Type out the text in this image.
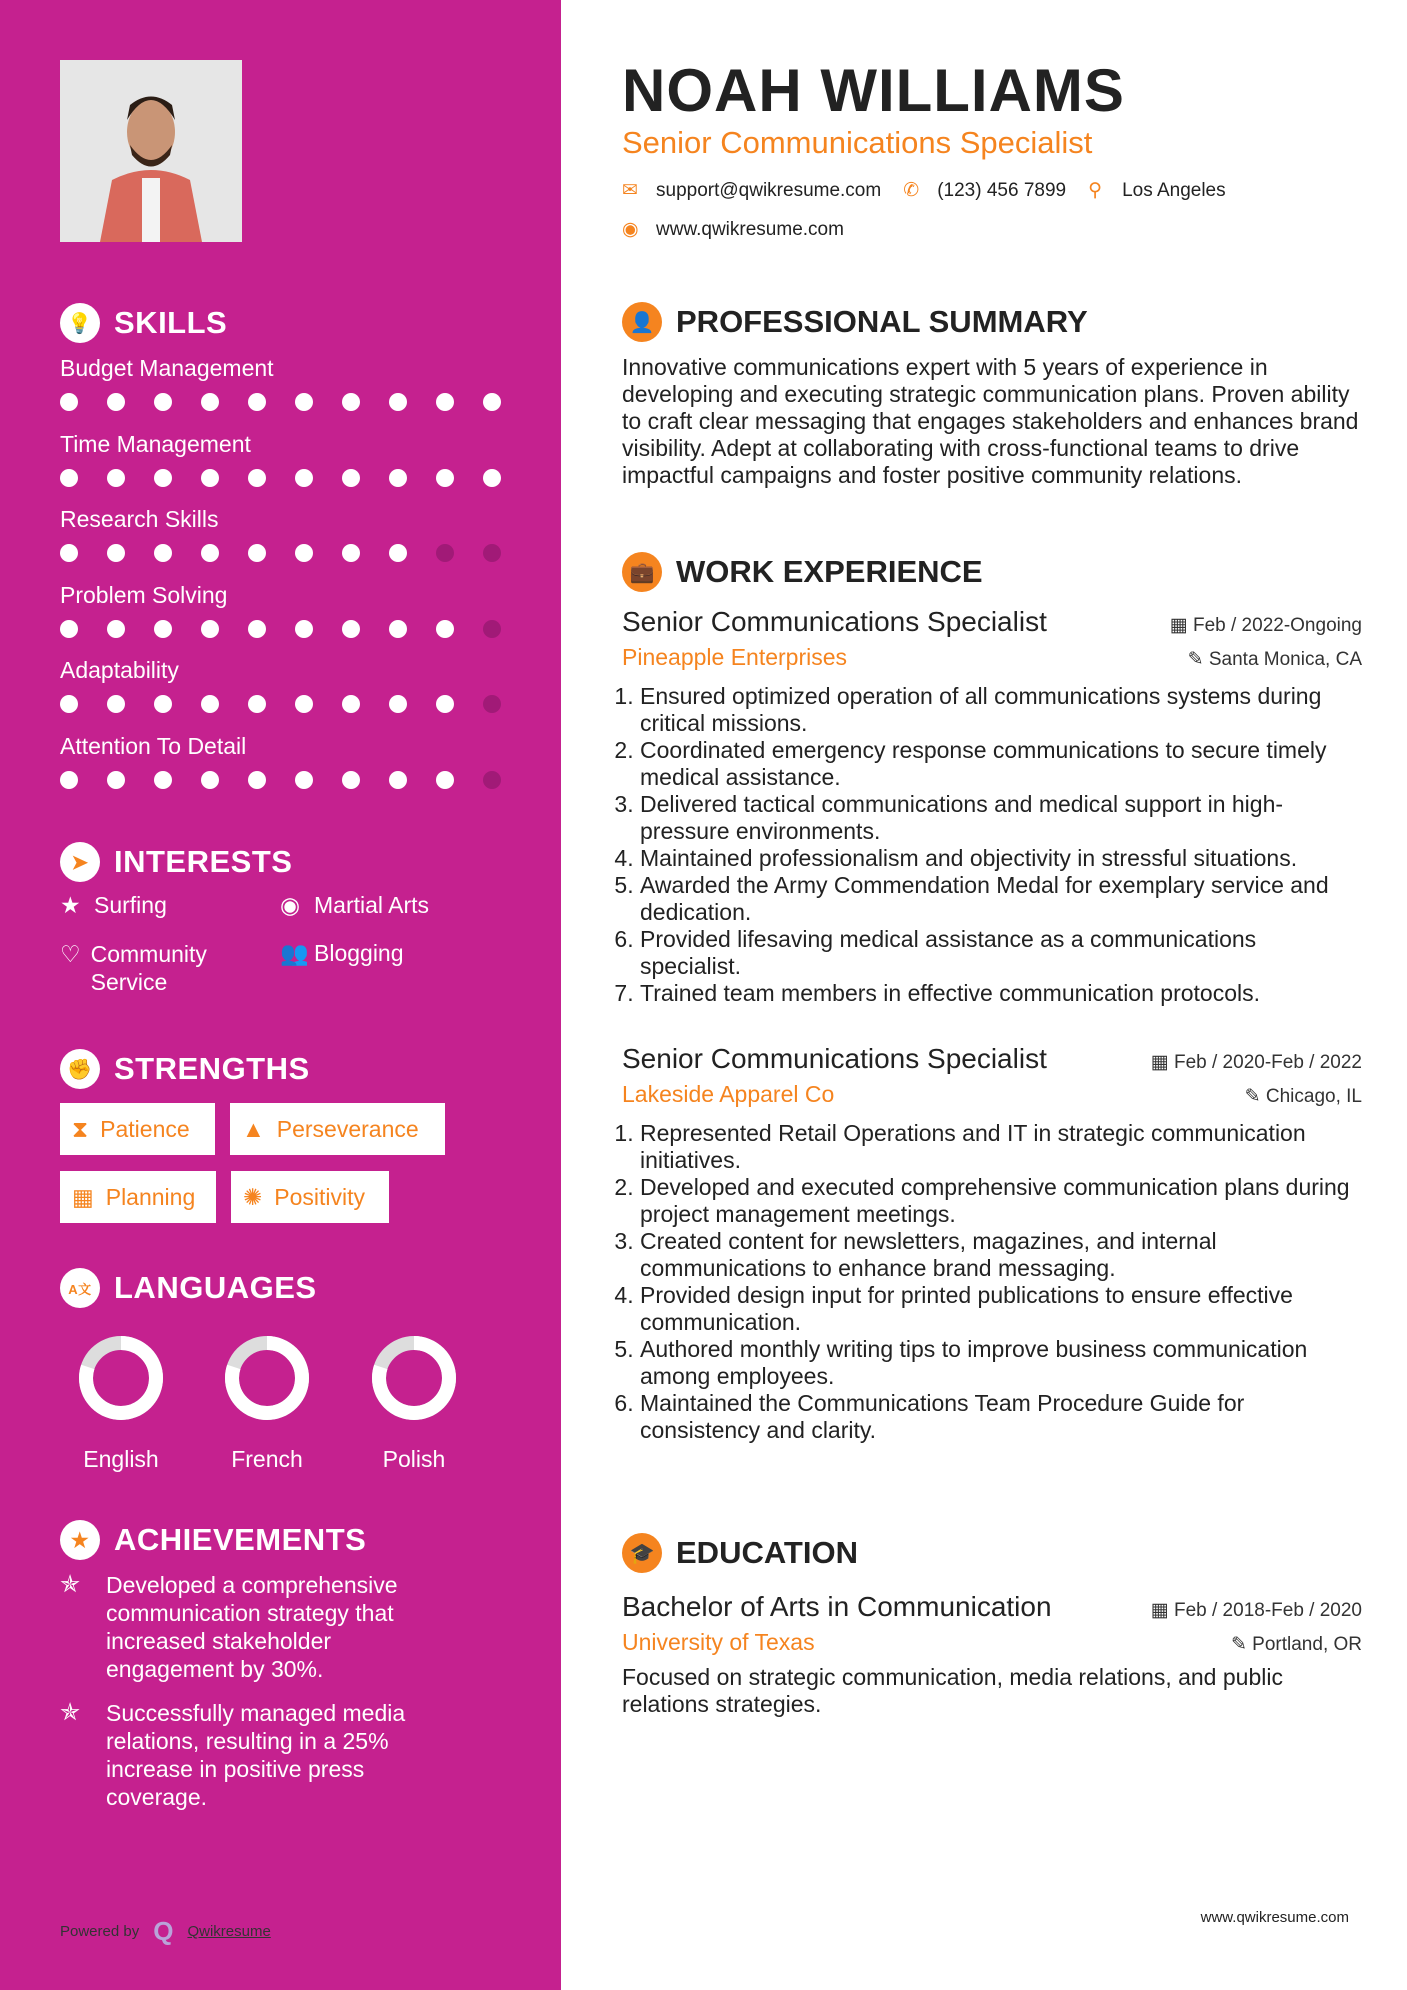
💡 SKILLS
Budget Management
Time Management
Research Skills
Problem Solving
Adaptability
Attention To Detail
➤ INTERESTS
★ Surfing	◉ Martial Arts
♡ Community Service
👥 Blogging
✊ STRENGTHS
⧗ Patience ▲ Perseverance
▦ Planning ✺ Positivity
A文 LANGUAGES
English	French	Polish
★ ACHIEVEMENTS
✯	Developed a comprehensive communication strategy that increased stakeholder engagement by 30%.
✯	Successfully managed media relations, resulting in a 25% increase in positive press coverage.
Powered by Q Qwikresume
NOAH WILLIAMS
Senior Communications Specialist
✉ support@qwikresume.com ✆ (123) 456 7899 ⚲	Los Angeles
◉ www.qwikresume.com
👤 PROFESSIONAL SUMMARY

Innovative communications expert with 5 years of experience in developing and executing strategic communication plans. Proven ability to craft clear messaging that engages stakeholders and enhances brand visibility. Adept at collaborating with cross-functional teams to drive impactful campaigns and foster positive community relations.

💼 WORK EXPERIENCE
Senior Communications Specialist	▦ Feb / 2022-Ongoing
Pineapple Enterprises	✎ Santa Monica, CA
1. Ensured optimized operation of all communications systems during critical missions.
2. Coordinated emergency response communications to secure timely medical assistance.
3. Delivered tactical communications and medical support in high-pressure environments.
4. Maintained professionalism and objectivity in stressful situations.
5. Awarded the Army Commendation Medal for exemplary service and dedication.
6. Provided lifesaving medical assistance as a communications specialist.
7. Trained team members in effective communication protocols.
Senior Communications Specialist	▦ Feb / 2020-Feb / 2022
Lakeside Apparel Co	✎ Chicago, IL
1. Represented Retail Operations and IT in strategic communication initiatives.
2. Developed and executed comprehensive communication plans during project management meetings.
3. Created content for newsletters, magazines, and internal communications to enhance brand messaging.
4. Provided design input for printed publications to ensure effective communication.
5. Authored monthly writing tips to improve business communication among employees.
6. Maintained the Communications Team Procedure Guide for consistency and clarity.
🎓 EDUCATION
Bachelor of Arts in Communication	▦ Feb / 2018-Feb / 2020
University of Texas	✎ Portland, OR

Focused on strategic communication, media relations, and public relations strategies.

www.qwikresume.com
